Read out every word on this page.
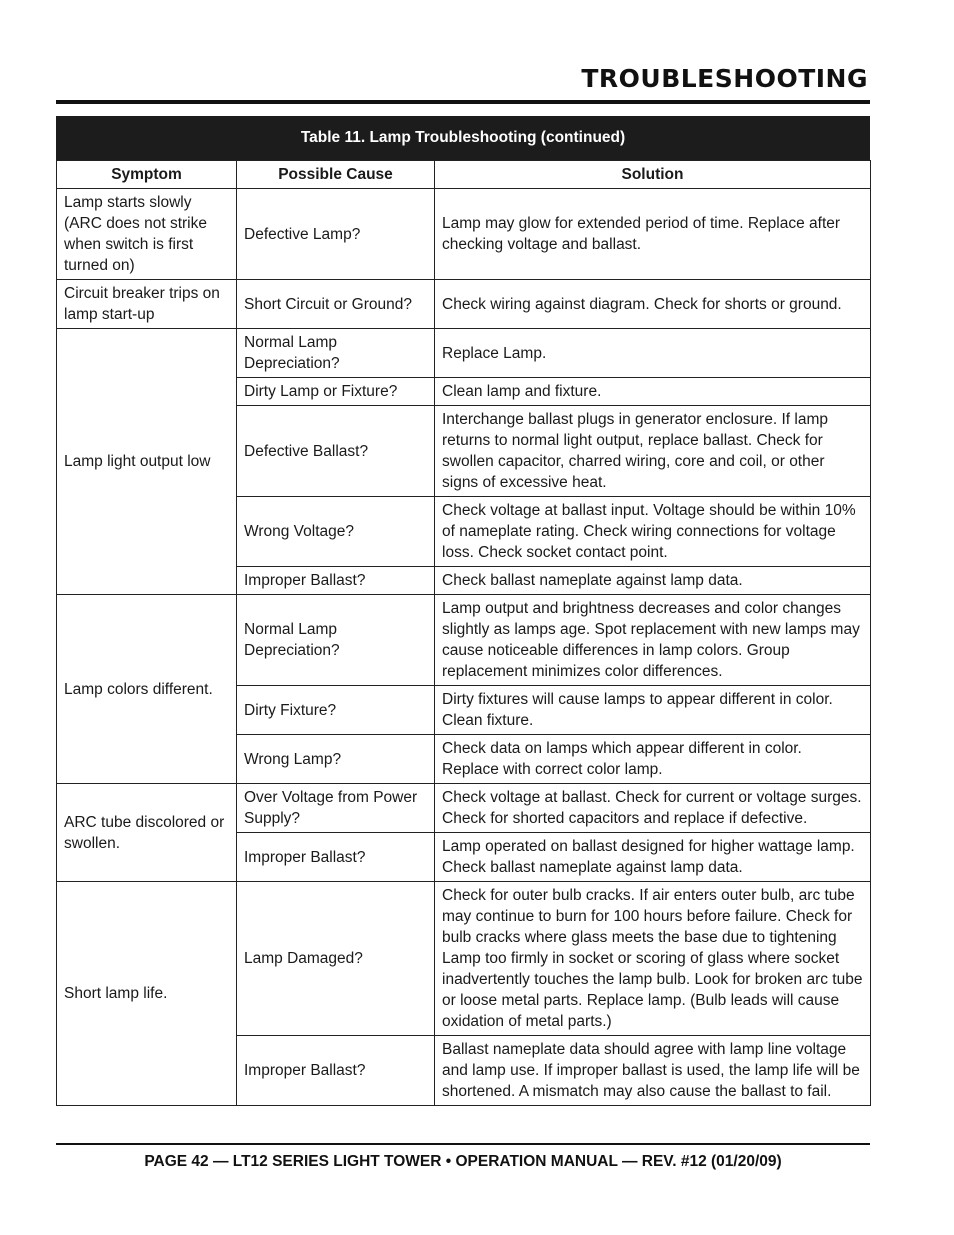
TROUBLESHOOTING
Table 11. Lamp Troubleshooting (continued)
Symptom	Possible Cause	Solution
Lamp starts slowly (ARC does not strike when switch is first turned on)	Defective Lamp?	Lamp may glow for extended period of time. Replace after checking voltage and ballast.
Circuit breaker trips on lamp start-up	Short Circuit or Ground?	Check wiring against diagram. Check for shorts or ground.
Lamp light output low	Normal Lamp Depreciation?	Replace Lamp.
	Dirty Lamp or Fixture?	Clean lamp and fixture.
	Defective Ballast?	Interchange ballast plugs in generator enclosure. If lamp returns to normal light output, replace ballast. Check for swollen capacitor, charred wiring, core and coil, or other signs of excessive heat.
	Wrong Voltage?	Check voltage at ballast input. Voltage should be within 10% of nameplate rating. Check wiring connections for voltage loss. Check socket contact point.
	Improper Ballast?	Check ballast nameplate against lamp data.
Lamp colors different.	Normal Lamp Depreciation?	Lamp output and brightness decreases and color changes slightly as lamps age. Spot replacement with new lamps may cause noticeable differences in lamp colors. Group replacement minimizes color differences.
	Dirty Fixture?	Dirty fixtures will cause lamps to appear different in color. Clean fixture.
	Wrong Lamp?	Check data on lamps which appear different in color. Replace with correct color lamp.
ARC tube discolored or swollen.	Over Voltage from Power Supply?	Check voltage at ballast. Check for current or voltage surges. Check for shorted capacitors and replace if defective.
	Improper Ballast?	Lamp operated on ballast designed for higher wattage lamp. Check ballast nameplate against lamp data.
Short lamp life.	Lamp Damaged?	Check for outer bulb cracks. If air enters outer bulb, arc tube may continue to burn for 100 hours before failure. Check for bulb cracks where glass meets the base due to tightening Lamp too firmly in socket or scoring of glass where socket inadvertently touches the lamp bulb. Look for broken arc tube or loose metal parts. Replace lamp. (Bulb leads will cause oxidation of metal parts.)
	Improper Ballast?	Ballast nameplate data should agree with lamp line voltage and lamp use. If improper ballast is used, the lamp life will be shortened. A mismatch may also cause the ballast to fail.
PAGE 42 — LT12 SERIES LIGHT TOWER • OPERATION MANUAL — REV. #12 (01/20/09)
